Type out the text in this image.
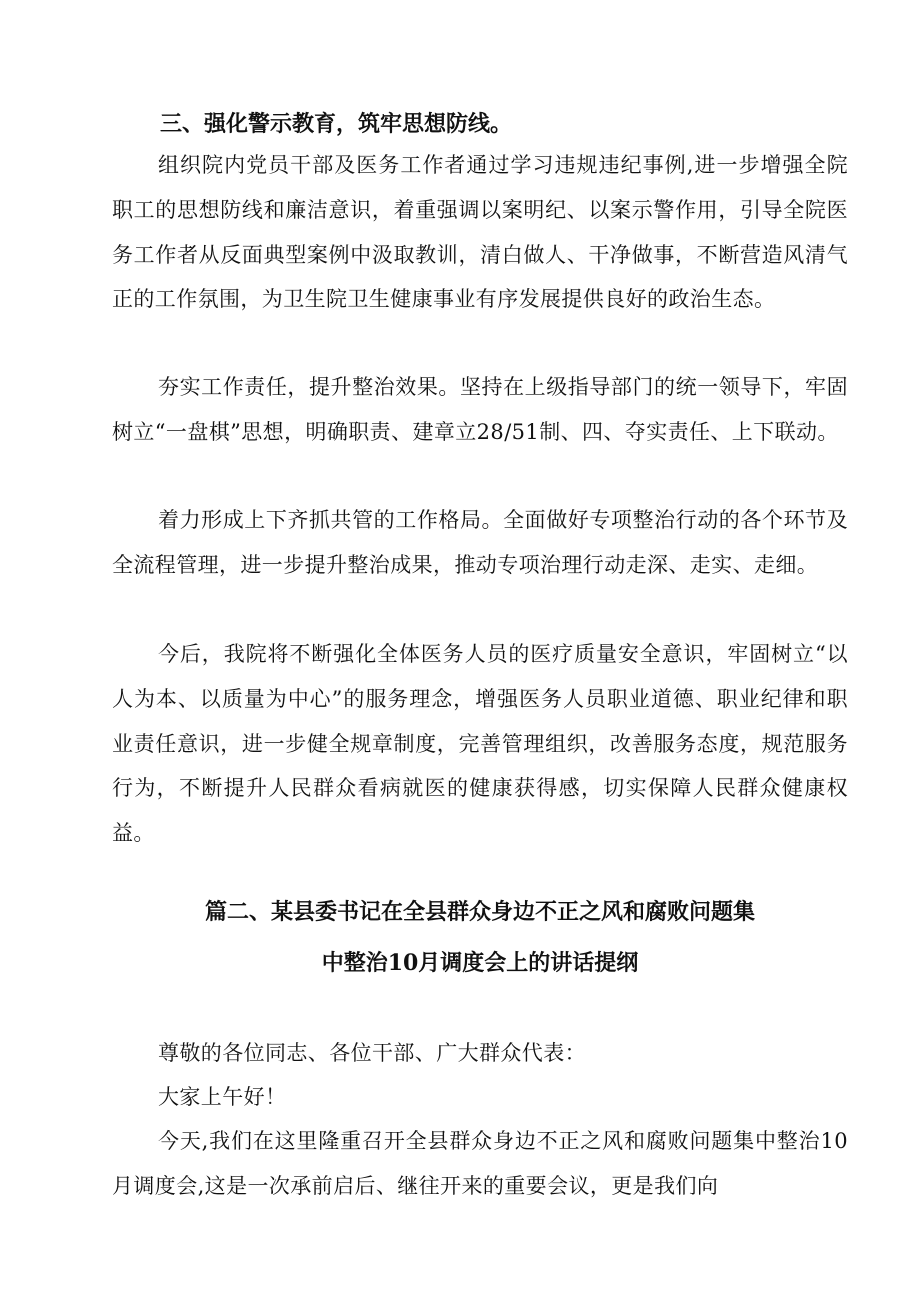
三、强化警示教育，筑牢思想防线。

组织院内党员干部及医务工作者通过学习违规违纪事例,进一步增强全院职工的思想防线和廉洁意识，着重强调以案明纪、以案示警作用，引导全院医务工作者从反面典型案例中汲取教训，清白做人、干净做事，不断营造风清气正的工作氛围，为卫生院卫生健康事业有序发展提供良好的政治生态。

夯实工作责任，提升整治效果。坚持在上级指导部门的统一领导下，牢固树立“一盘棋”思想，明确职责、建章立28/51制、四、夺实责任、上下联动。

着力形成上下齐抓共管的工作格局。全面做好专项整治行动的各个环节及全流程管理，进一步提升整治成果，推动专项治理行动走深、走实、走细。

今后，我院将不断强化全体医务人员的医疗质量安全意识，牢固树立“以人为本、以质量为中心”的服务理念，增强医务人员职业道德、职业纪律和职业责任意识，进一步健全规章制度，完善管理组织，改善服务态度，规范服务行为，不断提升人民群众看病就医的健康获得感，切实保障人民群众健康权益。

篇二、某县委书记在全县群众身边不正之风和腐败问题集
中整治10月调度会上的讲话提纲

尊敬的各位同志、各位干部、广大群众代表：

大家上午好！

今天,我们在这里隆重召开全县群众身边不正之风和腐败问题集中整治10月调度会,这是一次承前启后、继往开来的重要会议，更是我们向
